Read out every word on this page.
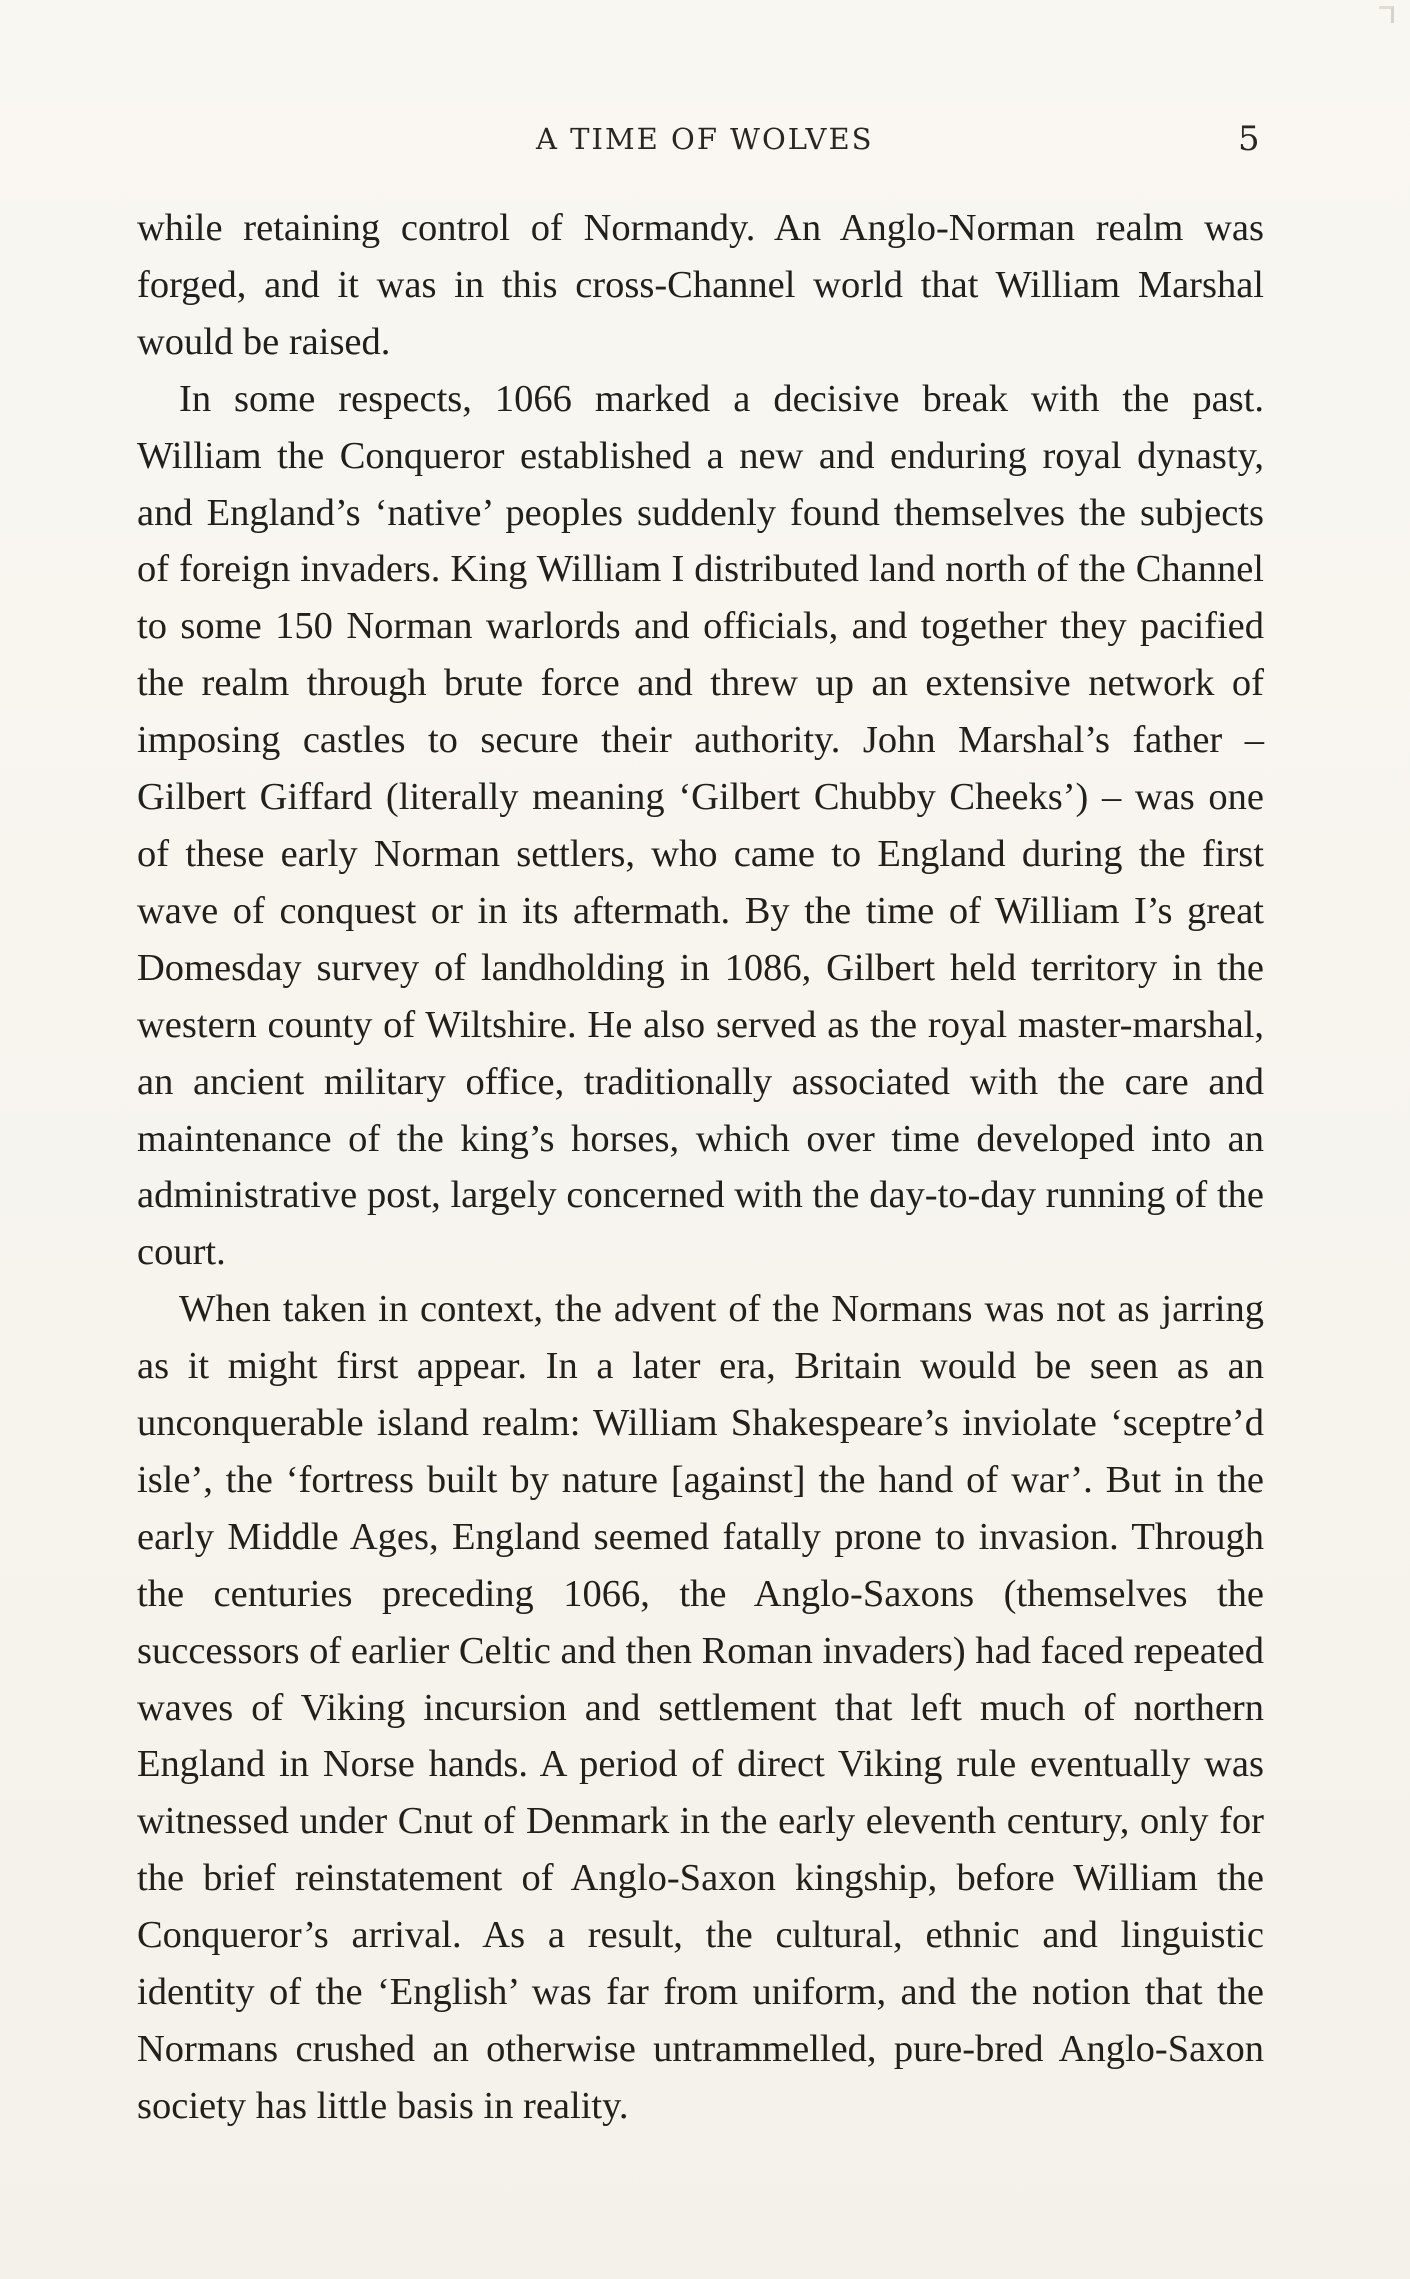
A TIME OF WOLVES	5

while retaining control of Normandy. An Anglo-Norman realm was forged, and it was in this cross-Channel world that William Marshal would be raised.

In some respects, 1066 marked a decisive break with the past. William the Conqueror established a new and enduring royal dynasty, and England’s ‘native’ peoples suddenly found themselves the subjects of foreign invaders. King William I distributed land north of the Channel to some 150 Norman warlords and officials, and together they pacified the realm through brute force and threw up an extensive network of imposing castles to secure their authority. John Marshal’s father – Gilbert Giffard (literally meaning ‘Gilbert Chubby Cheeks’) – was one of these early Norman settlers, who came to England during the first wave of conquest or in its aftermath. By the time of William I’s great Domesday survey of landholding in 1086, Gilbert held territory in the western county of Wiltshire. He also served as the royal master-marshal, an ancient military office, traditionally associated with the care and maintenance of the king’s horses, which over time developed into an administrative post, largely concerned with the day-to-day running of the court.

When taken in context, the advent of the Normans was not as jarring as it might first appear. In a later era, Britain would be seen as an unconquerable island realm: William Shakespeare’s inviolate ‘sceptre’d isle’, the ‘fortress built by nature [against] the hand of war’. But in the early Middle Ages, England seemed fatally prone to invasion. Through the centuries preceding 1066, the Anglo-Saxons (themselves the successors of earlier Celtic and then Roman invaders) had faced repeated waves of Viking incursion and settlement that left much of northern England in Norse hands. A period of direct Viking rule eventually was witnessed under Cnut of Denmark in the early eleventh century, only for the brief reinstatement of Anglo-Saxon kingship, before William the Conqueror’s arrival. As a result, the cultural, ethnic and linguistic identity of the ‘English’ was far from uniform, and the notion that the Normans crushed an otherwise untrammelled, pure-bred Anglo-Saxon society has little basis in reality.
